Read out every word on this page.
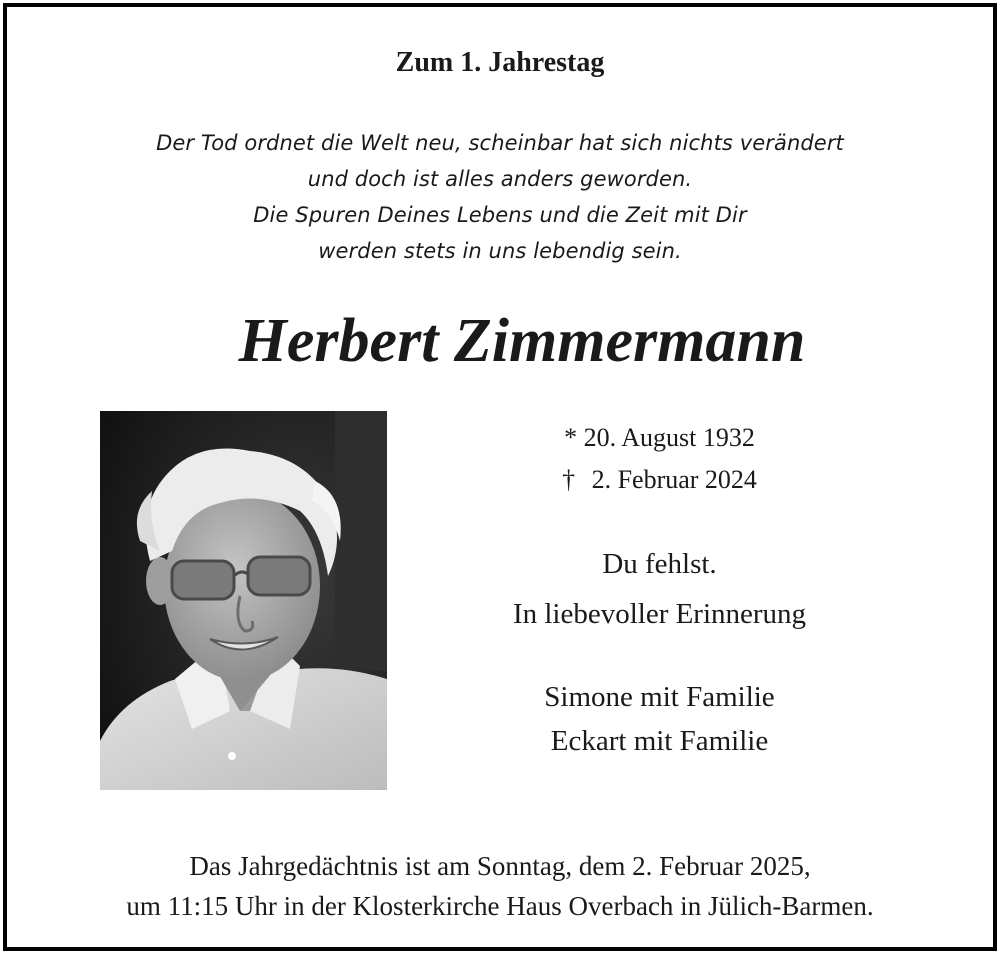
Zum 1. Jahrestag
Der Tod ordnet die Welt neu, scheinbar hat sich nichts verändert
und doch ist alles anders geworden.
Die Spuren Deines Lebens und die Zeit mit Dir
werden stets in uns lebendig sein.
Herbert Zimmermann
* 20. August 1932
† 2. Februar 2024
Du fehlst.
In liebevoller Erinnerung
Simone mit Familie
Eckart mit Familie
Das Jahrgedächtnis ist am Sonntag, dem 2. Februar 2025,
um 11:15 Uhr in der Klosterkirche Haus Overbach in Jülich-Barmen.
